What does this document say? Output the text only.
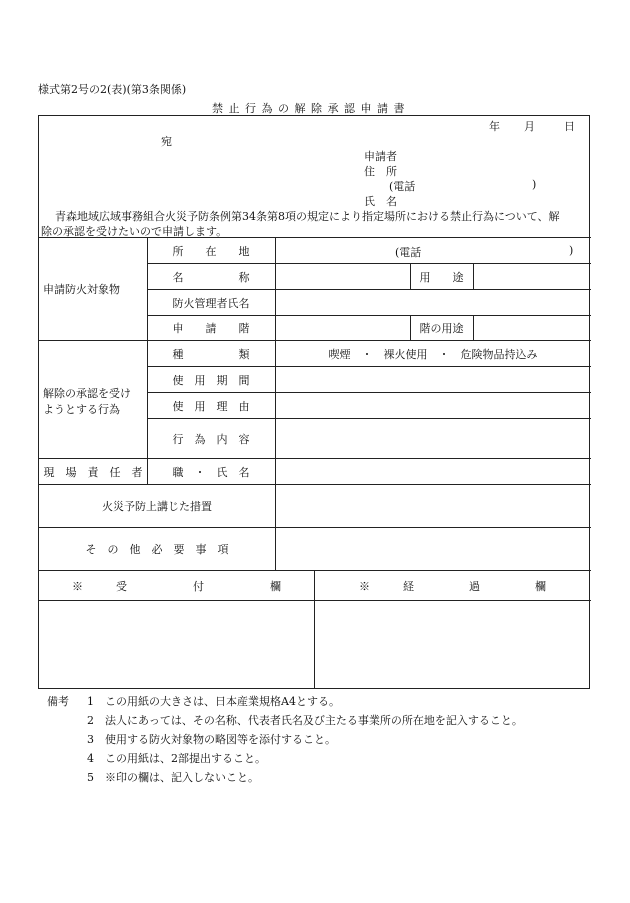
様式第2号の2(表)(第3条関係)
禁 止 行 為 の 解 除 承 認 申 請 書
年 月	日
宛
申請者
住　所
(電話	)
氏　名
青森地域広域事務組合火災予防条例第34条第8項の規定により指定場所における禁止行為について、解
除の承認を受けたいので申請します。
申請防火対象物
所　　在　　地	(電話	)
名　　　　　称	用　　途
防火管理者氏名
申　　請　　階	階の用途
解除の承認を受け
ようとする行為
種　　　　　類	喫煙　・　裸火使用　・　危険物品持込み
使　用　期　間
使　用　理　由
行　為　内　容
現　場　責　任　者	職　・　氏　名
火災予防上講じた措置
そ　の　他　必　要　事　項
※　　　受　　　　　　付　　　　　　欄	※　　　経　　　　　過　　　　　欄
備考 1　この用紙の大きさは、日本産業規格A4とする。
2　法人にあっては、その名称、代表者氏名及び主たる事業所の所在地を記入すること。
3　使用する防火対象物の略図等を添付すること。
4　この用紙は、2部提出すること。
5　※印の欄は、記入しないこと。
